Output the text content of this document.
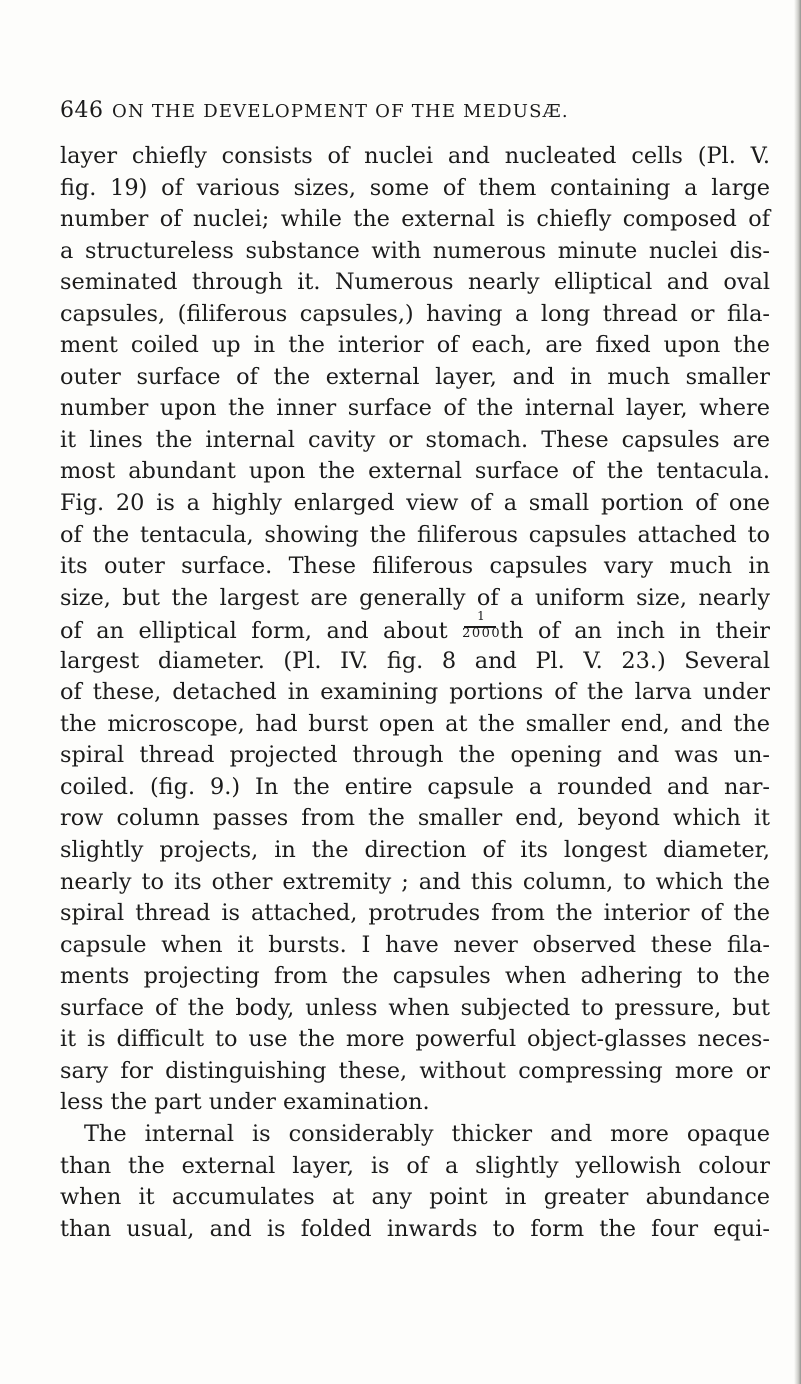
646 ON THE DEVELOPMENT OF THE MEDUSÆ.
layer chiefly consists of nuclei and nucleated cells (Pl. V.
fig. 19) of various sizes, some of them containing a large
number of nuclei; while the external is chiefly composed of
a structureless substance with numerous minute nuclei dis-
seminated through it. Numerous nearly elliptical and oval
capsules, (filiferous capsules,) having a long thread or fila-
ment coiled up in the interior of each, are fixed upon the
outer surface of the external layer, and in much smaller
number upon the inner surface of the internal layer, where
it lines the internal cavity or stomach. These capsules are
most abundant upon the external surface of the tentacula.
Fig. 20 is a highly enlarged view of a small portion of one
of the tentacula, showing the filiferous capsules attached to
its outer surface. These filiferous capsules vary much in
size, but the largest are generally of a uniform size, nearly
of an elliptical form, and about $\frac{1}{2000}$ th of an inch in their
largest diameter. (Pl. IV. fig. 8 and Pl. V. 23.) Several
of these, detached in examining portions of the larva under
the microscope, had burst open at the smaller end, and the
spiral thread projected through the opening and was un-
coiled. (fig. 9.) In the entire capsule a rounded and nar-
row column passes from the smaller end, beyond which it
slightly projects, in the direction of its longest diameter,
nearly to its other extremity ; and this column, to which the
spiral thread is attached, protrudes from the interior of the
capsule when it bursts. I have never observed these fila-
ments projecting from the capsules when adhering to the
surface of the body, unless when subjected to pressure, but
it is difficult to use the more powerful object-glasses neces-
sary for distinguishing these, without compressing more or
less the part under examination.
The internal is considerably thicker and more opaque
than the external layer, is of a slightly yellowish colour
when it accumulates at any point in greater abundance
than usual, and is folded inwards to form the four equi-
